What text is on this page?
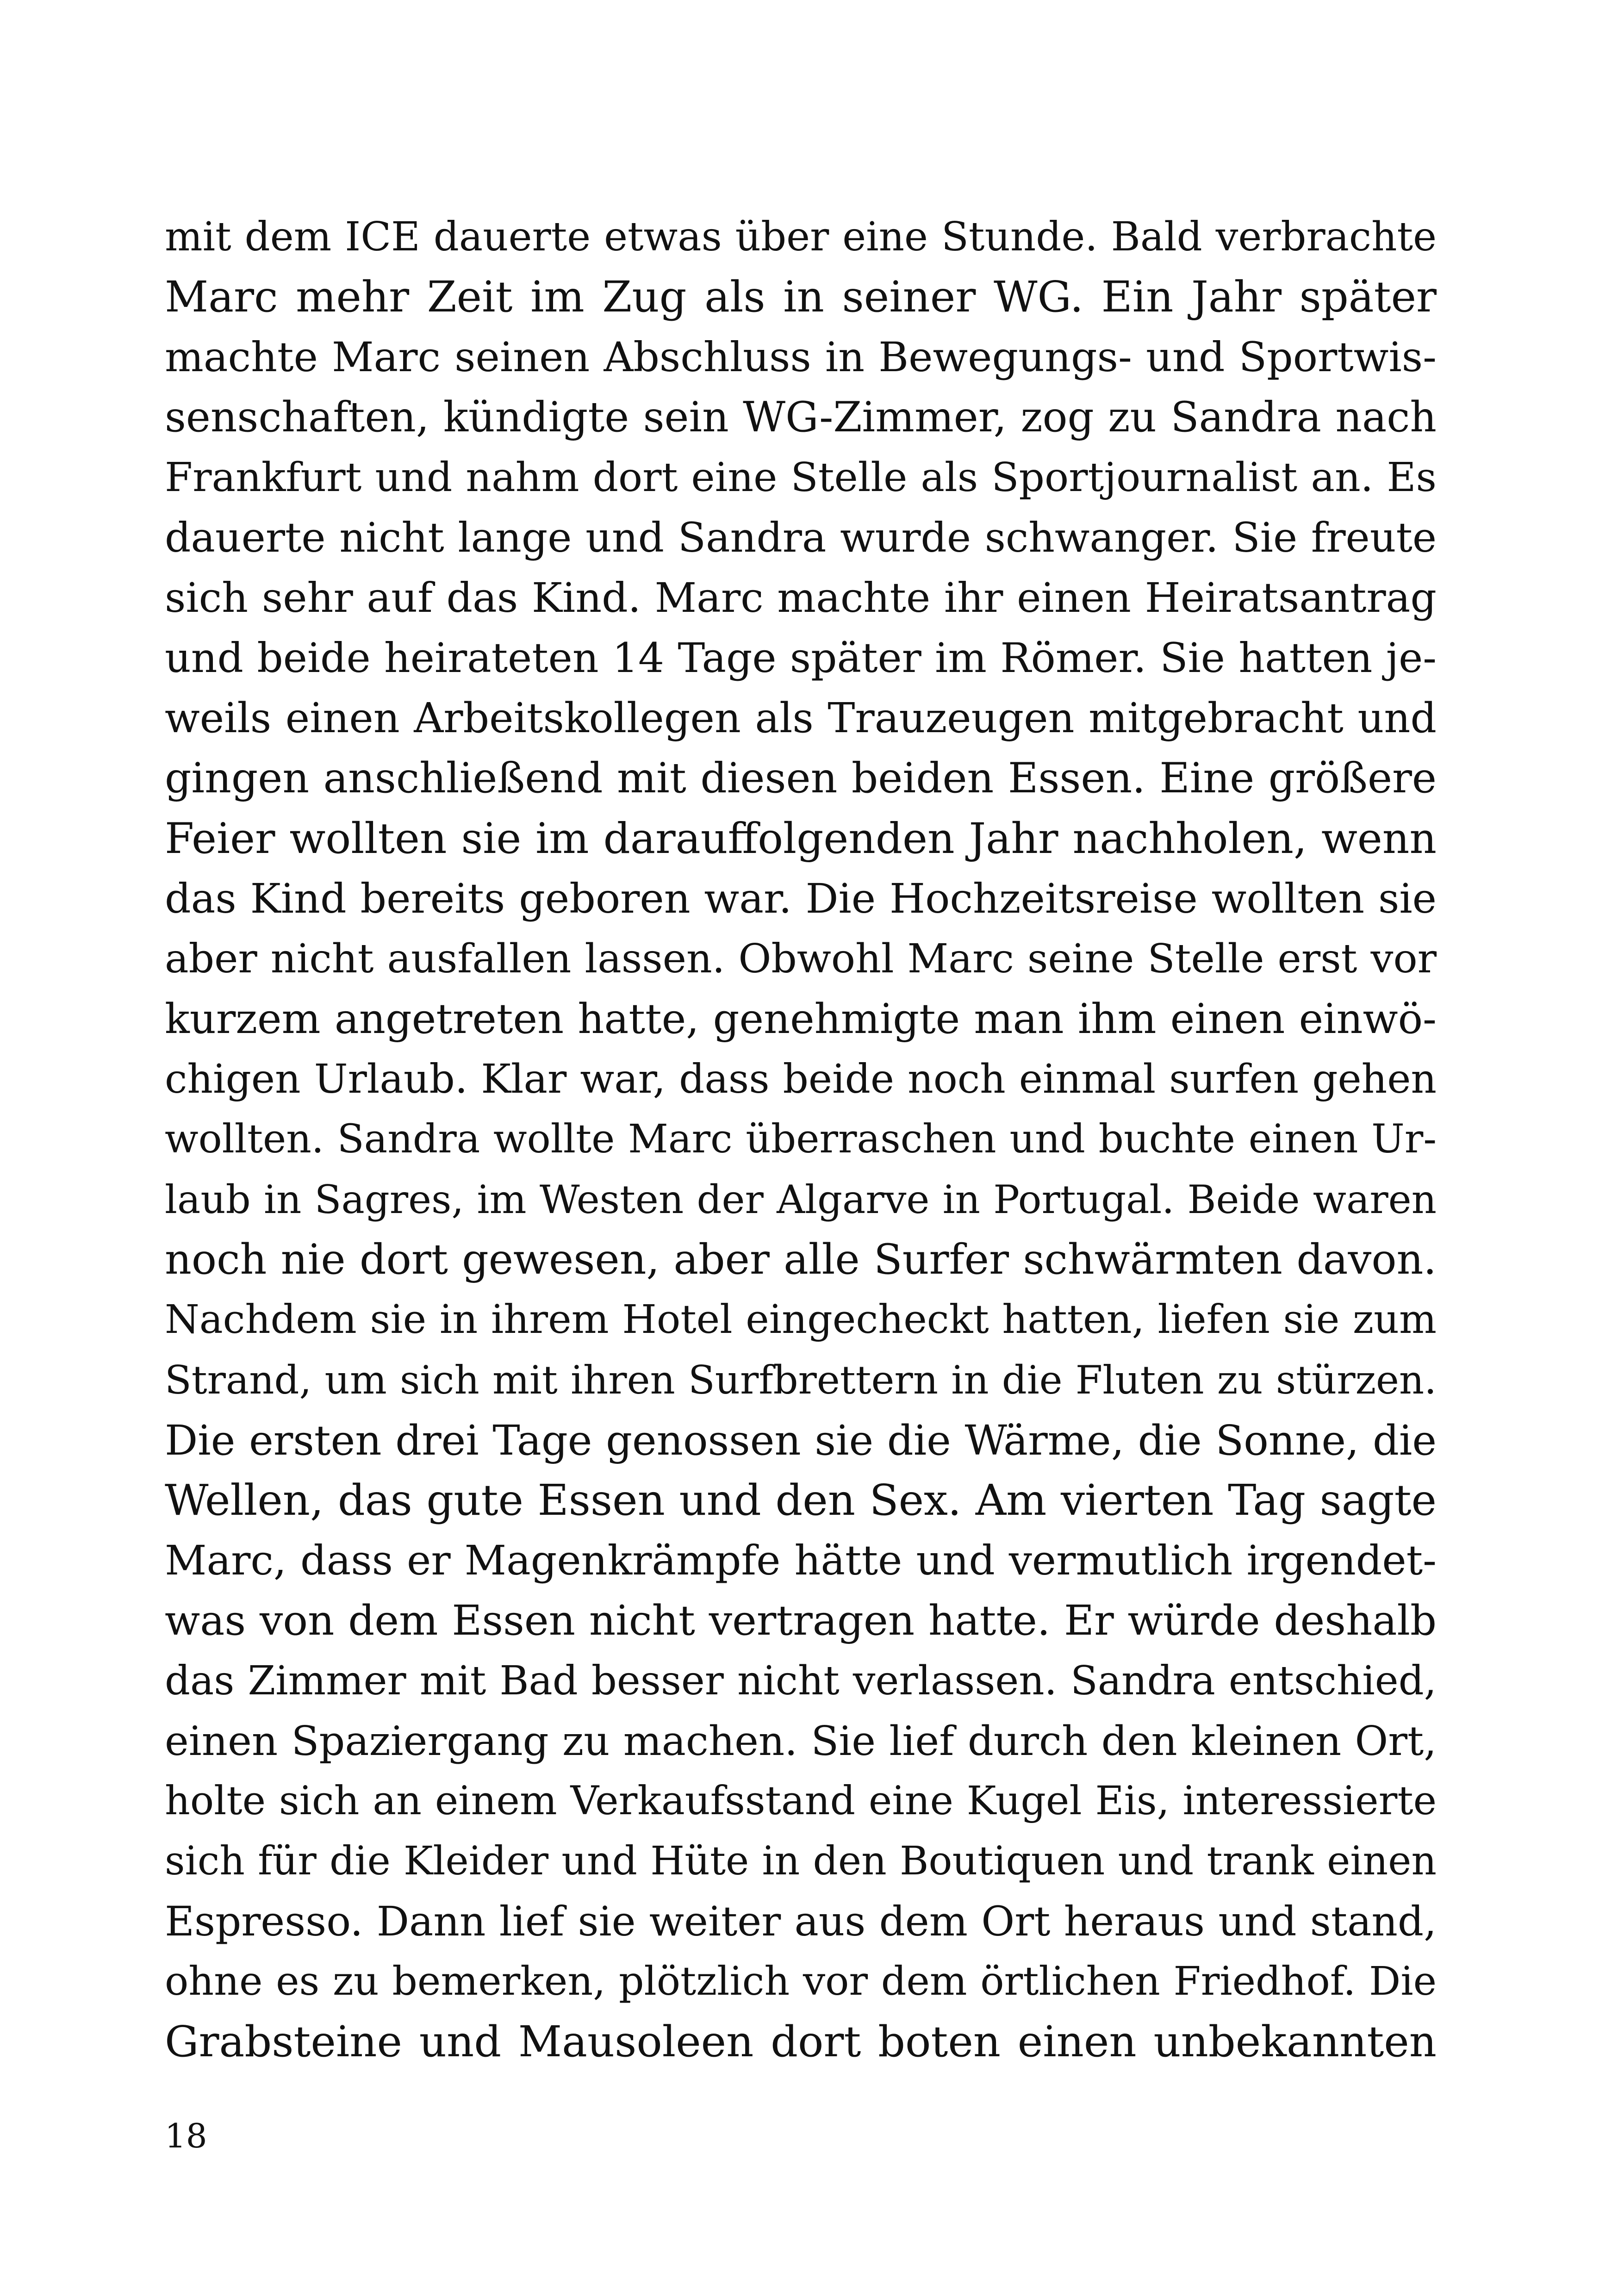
mit dem ICE dauerte etwas über eine Stunde. Bald verbrachte
Marc mehr Zeit im Zug als in seiner WG. Ein Jahr später
machte Marc seinen Abschluss in Bewegungs- und Sportwis-
senschaften, kündigte sein WG-Zimmer, zog zu Sandra nach
Frankfurt und nahm dort eine Stelle als Sportjournalist an. Es
dauerte nicht lange und Sandra wurde schwanger. Sie freute
sich sehr auf das Kind. Marc machte ihr einen Heiratsantrag
und beide heirateten 14 Tage später im Römer. Sie hatten je-
weils einen Arbeitskollegen als Trauzeugen mitgebracht und
gingen anschließend mit diesen beiden Essen. Eine größere
Feier wollten sie im darauffolgenden Jahr nachholen, wenn
das Kind bereits geboren war. Die Hochzeitsreise wollten sie
aber nicht ausfallen lassen. Obwohl Marc seine Stelle erst vor
kurzem angetreten hatte, genehmigte man ihm einen einwö-
chigen Urlaub. Klar war, dass beide noch einmal surfen gehen
wollten. Sandra wollte Marc überraschen und buchte einen Ur-
laub in Sagres, im Westen der Algarve in Portugal. Beide waren
noch nie dort gewesen, aber alle Surfer schwärmten davon.
Nachdem sie in ihrem Hotel eingecheckt hatten, liefen sie zum
Strand, um sich mit ihren Surfbrettern in die Fluten zu stürzen.
Die ersten drei Tage genossen sie die Wärme, die Sonne, die
Wellen, das gute Essen und den Sex. Am vierten Tag sagte
Marc, dass er Magenkrämpfe hätte und vermutlich irgendet-
was von dem Essen nicht vertragen hatte. Er würde deshalb
das Zimmer mit Bad besser nicht verlassen. Sandra entschied,
einen Spaziergang zu machen. Sie lief durch den kleinen Ort,
holte sich an einem Verkaufsstand eine Kugel Eis, interessierte
sich für die Kleider und Hüte in den Boutiquen und trank einen
Espresso. Dann lief sie weiter aus dem Ort heraus und stand,
ohne es zu bemerken, plötzlich vor dem örtlichen Friedhof. Die
Grabsteine und Mausoleen dort boten einen unbekannten
18
